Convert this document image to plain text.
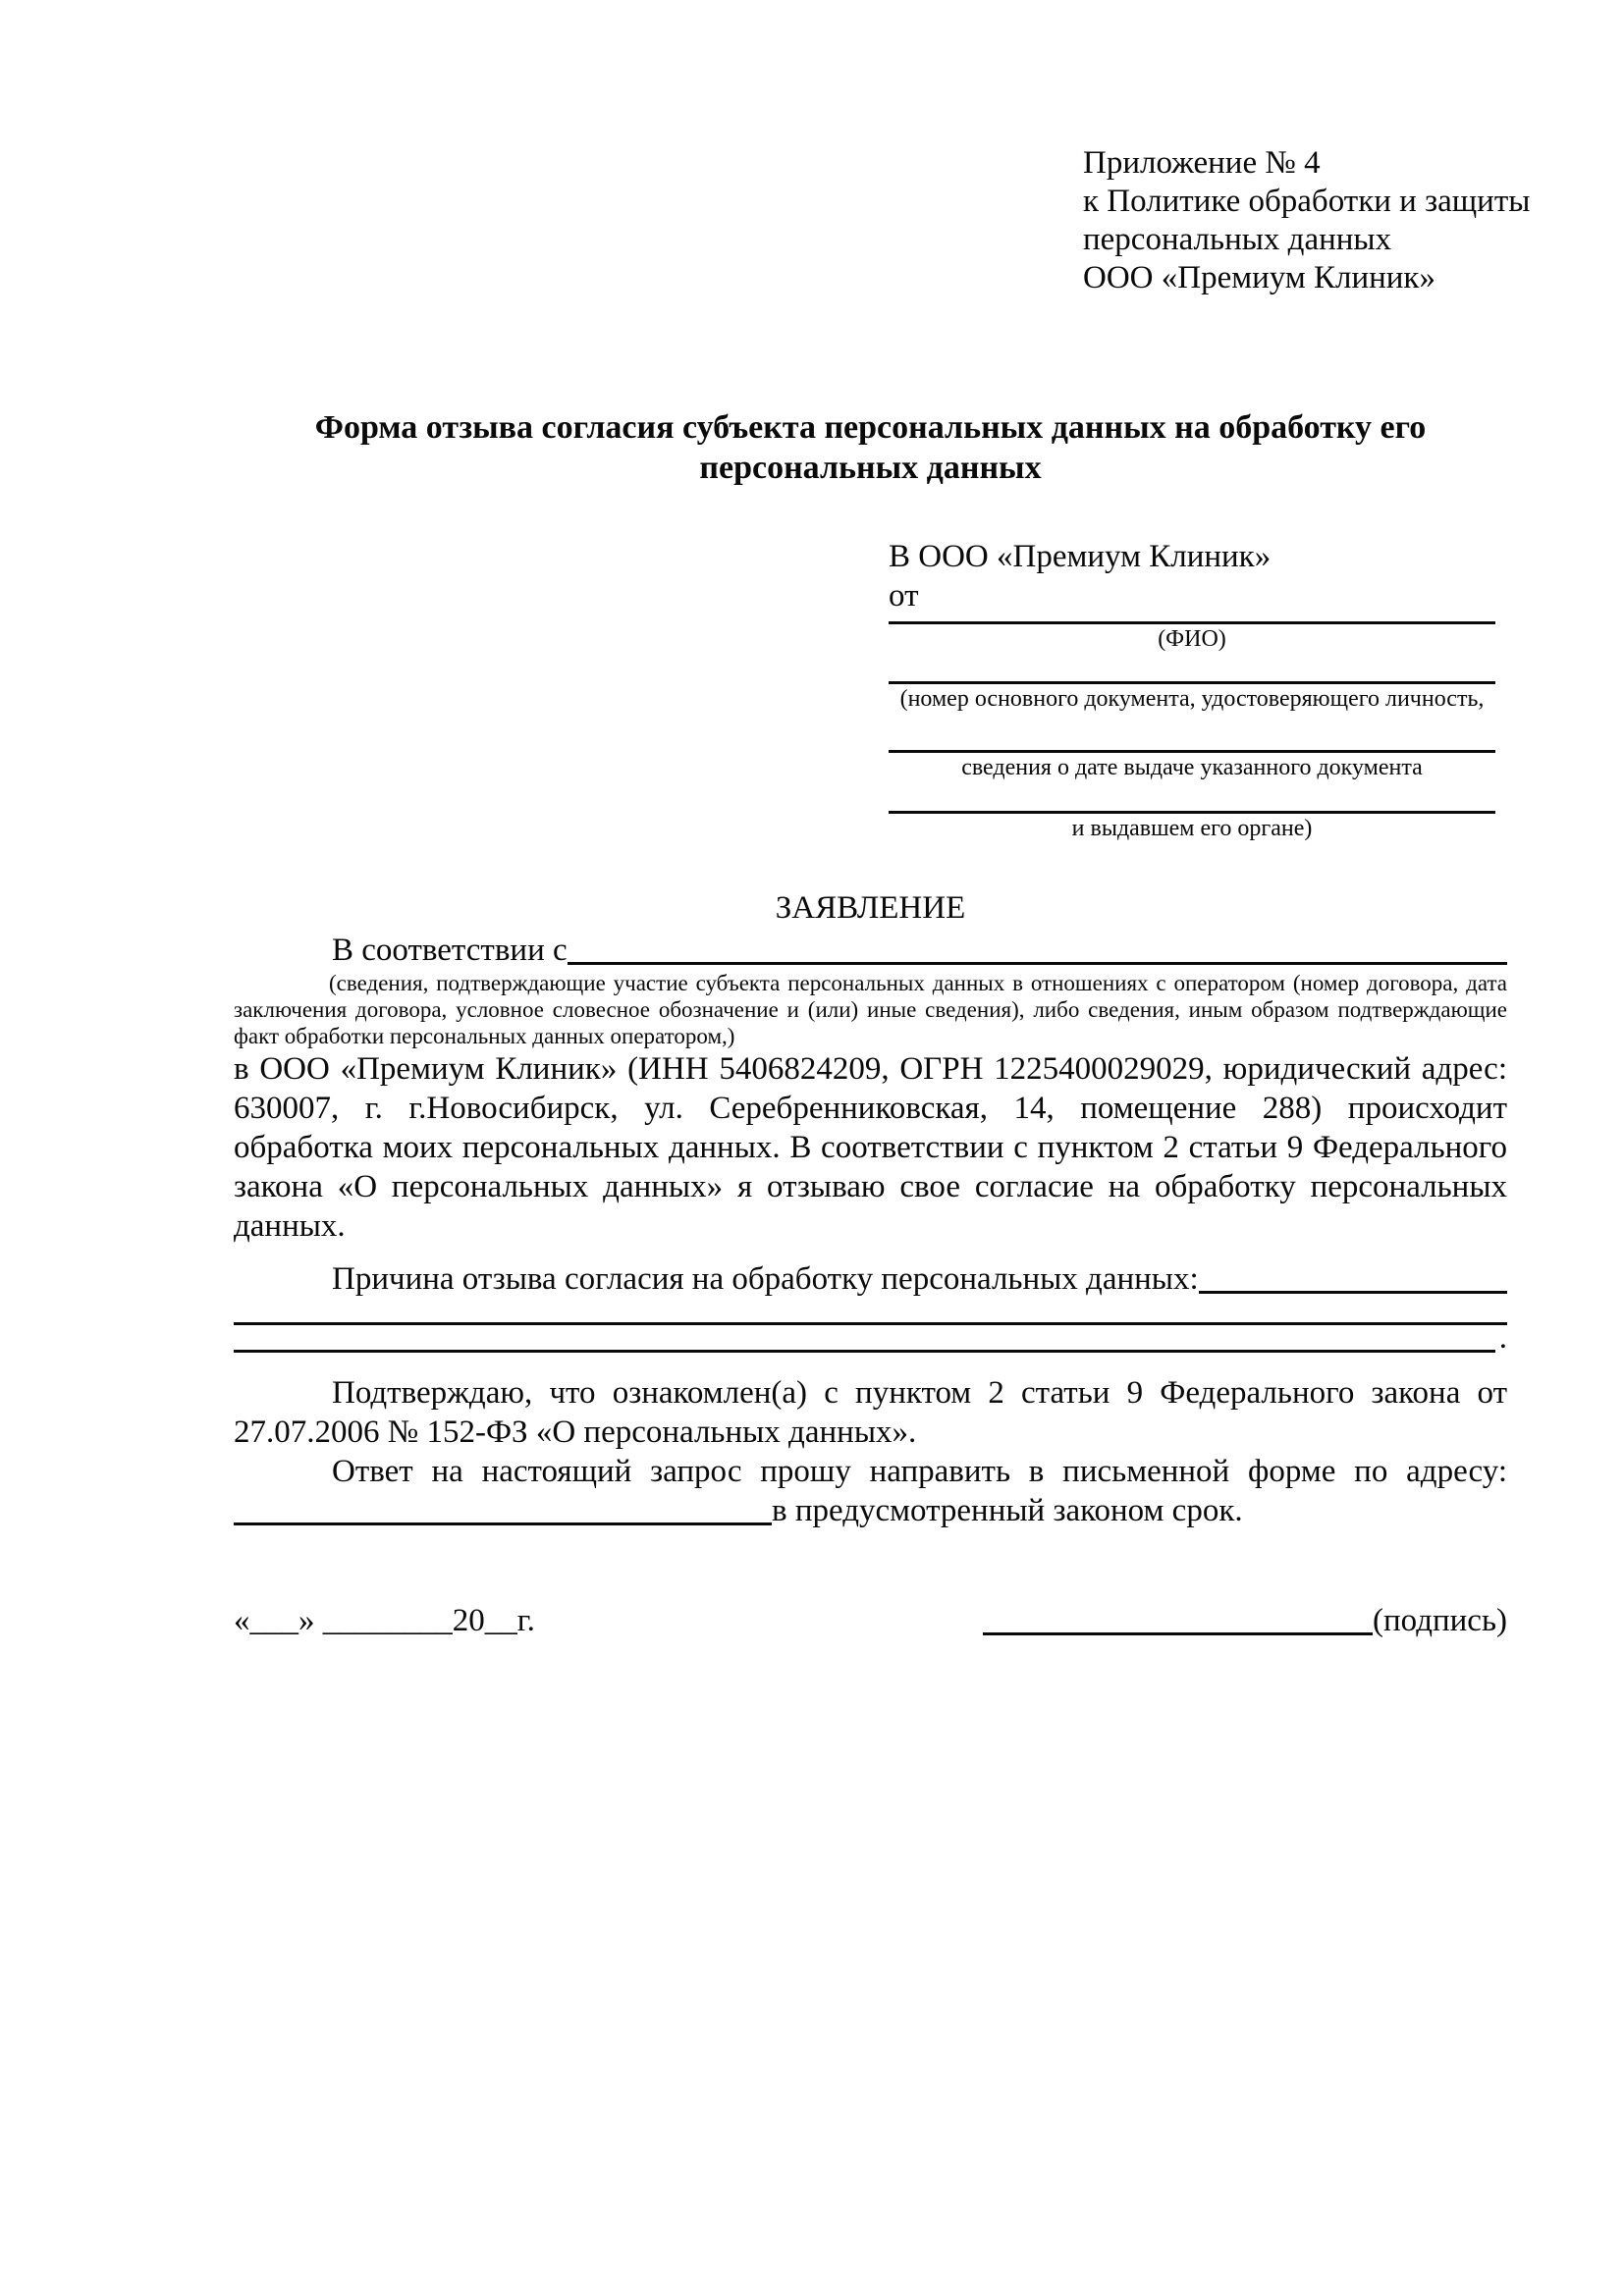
Приложение № 4
к Политике обработки и защиты
персональных данных
ООО «Премиум Клиник»
Форма отзыва согласия субъекта персональных данных на обработку его персональных данных
В ООО «Премиум Клиник»
от
(ФИО)
(номер основного документа, удостоверяющего личность,
сведения о дате выдаче указанного документа
и выдавшем его органе)
ЗАЯВЛЕНИЕ
В соответствии с
(сведения, подтверждающие участие субъекта персональных данных в отношениях с оператором (номер договора, дата заключения договора, условное словесное обозначение и (или) иные сведения), либо сведения, иным образом подтверждающие факт обработки персональных данных оператором,)
в ООО «Премиум Клиник» (ИНН 5406824209, ОГРН 1225400029029, юридический адрес: 630007, г. г.Новосибирск, ул. Серебренниковская, 14, помещение 288) происходит обработка моих персональных данных. В соответствии с пунктом 2 статьи 9 Федерального закона «О персональных данных» я отзываю свое согласие на обработку персональных данных.
Причина отзыва согласия на обработку персональных данных:
.
Подтверждаю, что ознакомлен(а) с пунктом 2 статьи 9 Федерального закона от 27.07.2006 № 152-ФЗ «О персональных данных».
Ответ на настоящий запрос прошу направить в письменной форме по адресу:
в предусмотренный законом срок.
«___» ________20__г.	(подпись)
